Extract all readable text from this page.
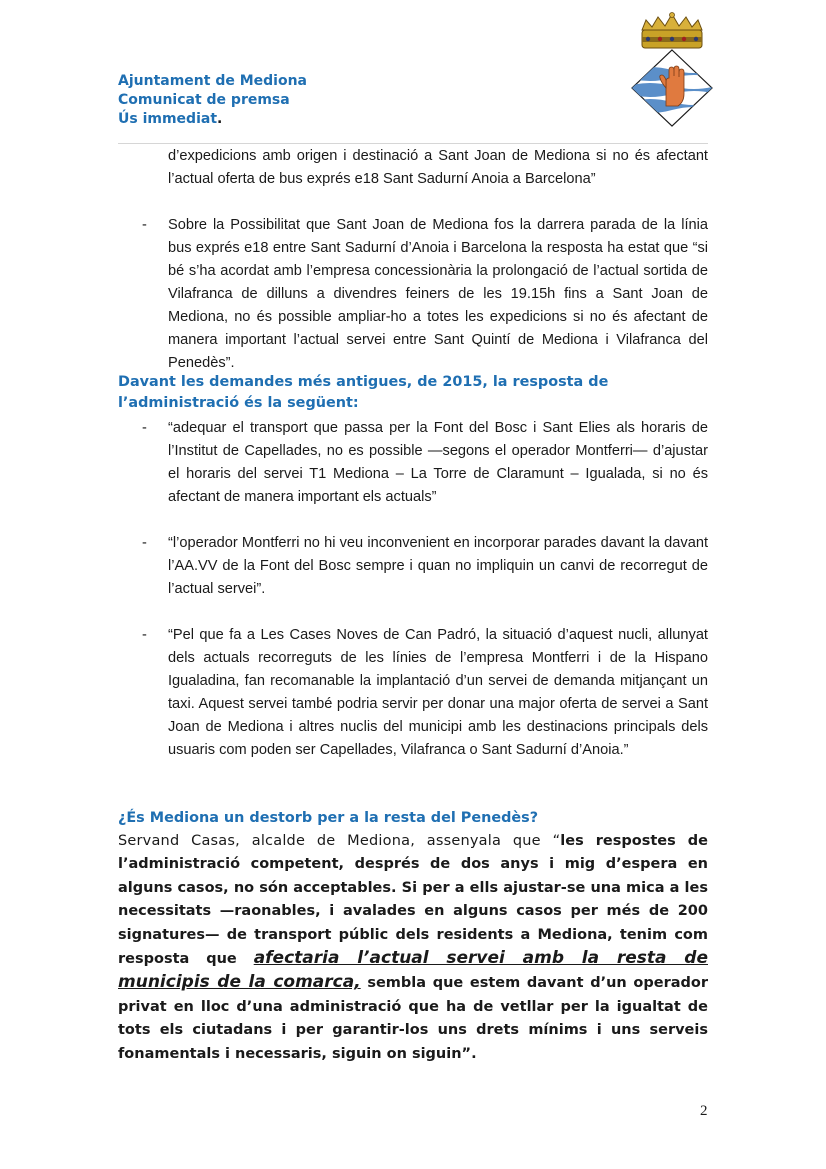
Ajuntament de Mediona
Comunicat de premsa
Ús immediat.
d’expedicions amb origen i destinació a Sant Joan de Mediona si no és afectant l’actual oferta de bus exprés e18 Sant Sadurní Anoia a Barcelona”
- Sobre la Possibilitat que Sant Joan de Mediona fos la darrera parada de la línia bus exprés e18 entre Sant Sadurní d’Anoia i Barcelona la resposta ha estat que “si bé s’ha acordat amb l’empresa concessionària la prolongació de l’actual sortida de Vilafranca de dilluns a divendres feiners de les 19.15h fins a Sant Joan de Mediona, no és possible ampliar-ho a totes les expedicions si no és afectant de manera important l’actual servei entre Sant Quintí de Mediona i Vilafranca del Penedès”.
Davant les demandes més antigues, de 2015, la resposta de l’administració és la següent:
- “adequar el transport que passa per la Font del Bosc i Sant Elies als horaris de l’Institut de Capellades, no es possible —segons el operador Montferri— d’ajustar el horaris del servei T1 Mediona – La Torre de Claramunt – Igualada, si no és afectant de manera important els actuals”
- “l’operador Montferri no hi veu inconvenient en incorporar parades davant la davant l’AA.VV de la Font del Bosc sempre i quan no impliquin un canvi de recorregut de l’actual servei”.
- “Pel que fa a Les Cases Noves de Can Padró, la situació d’aquest nucli, allunyat dels actuals recorreguts de les línies de l’empresa Montferri i de la Hispano Igualadina, fan recomanable la implantació d’un servei de demanda mitjançant un taxi. Aquest servei també podria servir per donar una major oferta de servei a Sant Joan de Mediona i altres nuclis del municipi amb les destinacions principals dels usuaris com poden ser Capellades, Vilafranca o Sant Sadurní d’Anoia.”
¿És Mediona un destorb per a la resta del Penedès?
Servand Casas, alcalde de Mediona, assenyala que “les respostes de l’administració competent, després de dos anys i mig d’espera en alguns casos, no són acceptables. Si per a ells ajustar-se una mica a les necessitats —raonables, i avalades en alguns casos per més de 200 signatures— de transport públic dels residents a Mediona, tenim com resposta que afectaria l’actual servei amb la resta de municipis de la comarca, sembla que estem davant d’un operador privat en lloc d’una administració que ha de vetllar per la igualtat de tots els ciutadans i per garantir-los uns drets mínims i uns serveis fonamentals i necessaris, siguin on siguin”.
2
